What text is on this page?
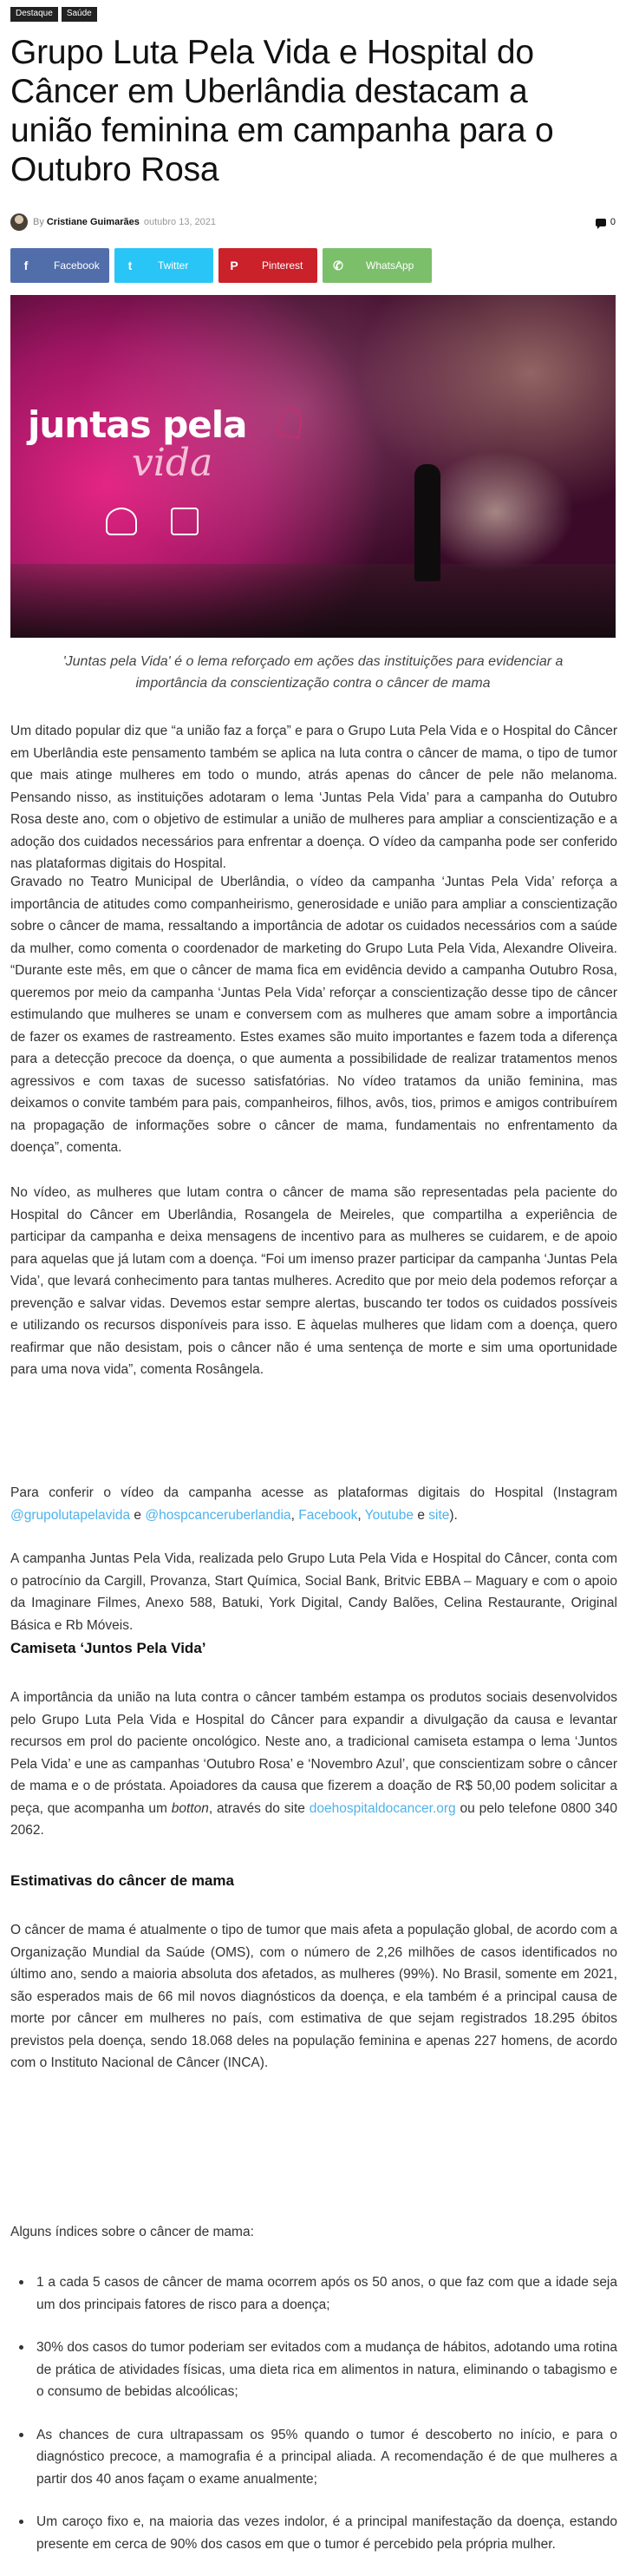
Destaque	Saúde
Grupo Luta Pela Vida e Hospital do Câncer em Uberlândia destacam a união feminina em campanha para o Outubro Rosa
By Cristiane Guimarães outubro 13, 2021	0
f	Facebook	t	Twitter	P	Pinterest	✆	WhatsApp
juntas pela
vida

'Juntas pela Vida' é o lema reforçado em ações das instituições para evidenciar a importância da conscientização contra o câncer de mama

Um ditado popular diz que “a união faz a força” e para o Grupo Luta Pela Vida e o Hospital do Câncer em Uberlândia este pensamento também se aplica na luta contra o câncer de mama, o tipo de tumor que mais atinge mulheres em todo o mundo, atrás apenas do câncer de pele não melanoma. Pensando nisso, as instituições adotaram o lema ‘Juntas Pela Vida’ para a campanha do Outubro Rosa deste ano, com o objetivo de estimular a união de mulheres para ampliar a conscientização e a adoção dos cuidados necessários para enfrentar a doença. O vídeo da campanha pode ser conferido nas plataformas digitais do Hospital.

Gravado no Teatro Municipal de Uberlândia, o vídeo da campanha ‘Juntas Pela Vida’ reforça a importância de atitudes como companheirismo, generosidade e união para ampliar a conscientização sobre o câncer de mama, ressaltando a importância de adotar os cuidados necessários com a saúde da mulher, como comenta o coordenador de marketing do Grupo Luta Pela Vida, Alexandre Oliveira. “Durante este mês, em que o câncer de mama fica em evidência devido a campanha Outubro Rosa, queremos por meio da campanha ‘Juntas Pela Vida’ reforçar a conscientização desse tipo de câncer estimulando que mulheres se unam e conversem com as mulheres que amam sobre a importância de fazer os exames de rastreamento. Estes exames são muito importantes e fazem toda a diferença para a detecção precoce da doença, o que aumenta a possibilidade de realizar tratamentos menos agressivos e com taxas de sucesso satisfatórias. No vídeo tratamos da união feminina, mas deixamos o convite também para pais, companheiros, filhos, avôs, tios, primos e amigos contribuírem na propagação de informações sobre o câncer de mama, fundamentais no enfrentamento da doença”, comenta.

No vídeo, as mulheres que lutam contra o câncer de mama são representadas pela paciente do Hospital do Câncer em Uberlândia, Rosangela de Meireles, que compartilha a experiência de participar da campanha e deixa mensagens de incentivo para as mulheres se cuidarem, e de apoio para aquelas que já lutam com a doença. “Foi um imenso prazer participar da campanha ‘Juntas Pela Vida’, que levará conhecimento para tantas mulheres. Acredito que por meio dela podemos reforçar a prevenção e salvar vidas. Devemos estar sempre alertas, buscando ter todos os cuidados possíveis e utilizando os recursos disponíveis para isso. E àquelas mulheres que lidam com a doença, quero reafirmar que não desistam, pois o câncer não é uma sentença de morte e sim uma oportunidade para uma nova vida”, comenta Rosângela.

Para conferir o vídeo da campanha acesse as plataformas digitais do Hospital (Instagram @grupolutapelavida e @hospcanceruberlandia, Facebook, Youtube e site).

A campanha Juntas Pela Vida, realizada pelo Grupo Luta Pela Vida e Hospital do Câncer, conta com o patrocínio da Cargill, Provanza, Start Química, Social Bank, Britvic EBBA – Maguary e com o apoio da Imaginare Filmes, Anexo 588, Batuki, York Digital, Candy Balões, Celina Restaurante, Original Básica e Rb Móveis.

Camiseta ‘Juntos Pela Vida’

A importância da união na luta contra o câncer também estampa os produtos sociais desenvolvidos pelo Grupo Luta Pela Vida e Hospital do Câncer para expandir a divulgação da causa e levantar recursos em prol do paciente oncológico. Neste ano, a tradicional camiseta estampa o lema ‘Juntos Pela Vida’ e une as campanhas ‘Outubro Rosa’ e ‘Novembro Azul’, que conscientizam sobre o câncer de mama e o de próstata. Apoiadores da causa que fizerem a doação de R$ 50,00 podem solicitar a peça, que acompanha um botton, através do site doehospitaldocancer.org ou pelo telefone 0800 340 2062.

Estimativas do câncer de mama

O câncer de mama é atualmente o tipo de tumor que mais afeta a população global, de acordo com a Organização Mundial da Saúde (OMS), com o número de 2,26 milhões de casos identificados no último ano, sendo a maioria absoluta dos afetados, as mulheres (99%). No Brasil, somente em 2021, são esperados mais de 66 mil novos diagnósticos da doença, e ela também é a principal causa de morte por câncer em mulheres no país, com estimativa de que sejam registrados 18.295 óbitos previstos pela doença, sendo 18.068 deles na população feminina e apenas 227 homens, de acordo com o Instituto Nacional de Câncer (INCA).

Alguns índices sobre o câncer de mama:

1 a cada 5 casos de câncer de mama ocorrem após os 50 anos, o que faz com que a idade seja um dos principais fatores de risco para a doença;
30% dos casos do tumor poderiam ser evitados com a mudança de hábitos, adotando uma rotina de prática de atividades físicas, uma dieta rica em alimentos in natura, eliminando o tabagismo e o consumo de bebidas alcoólicas;
As chances de cura ultrapassam os 95% quando o tumor é descoberto no início, e para o diagnóstico precoce, a mamografia é a principal aliada. A recomendação é de que mulheres a partir dos 40 anos façam o exame anualmente;
Um caroço fixo e, na maioria das vezes indolor, é a principal manifestação da doença, estando presente em cerca de 90% dos casos em que o tumor é percebido pela própria mulher.
